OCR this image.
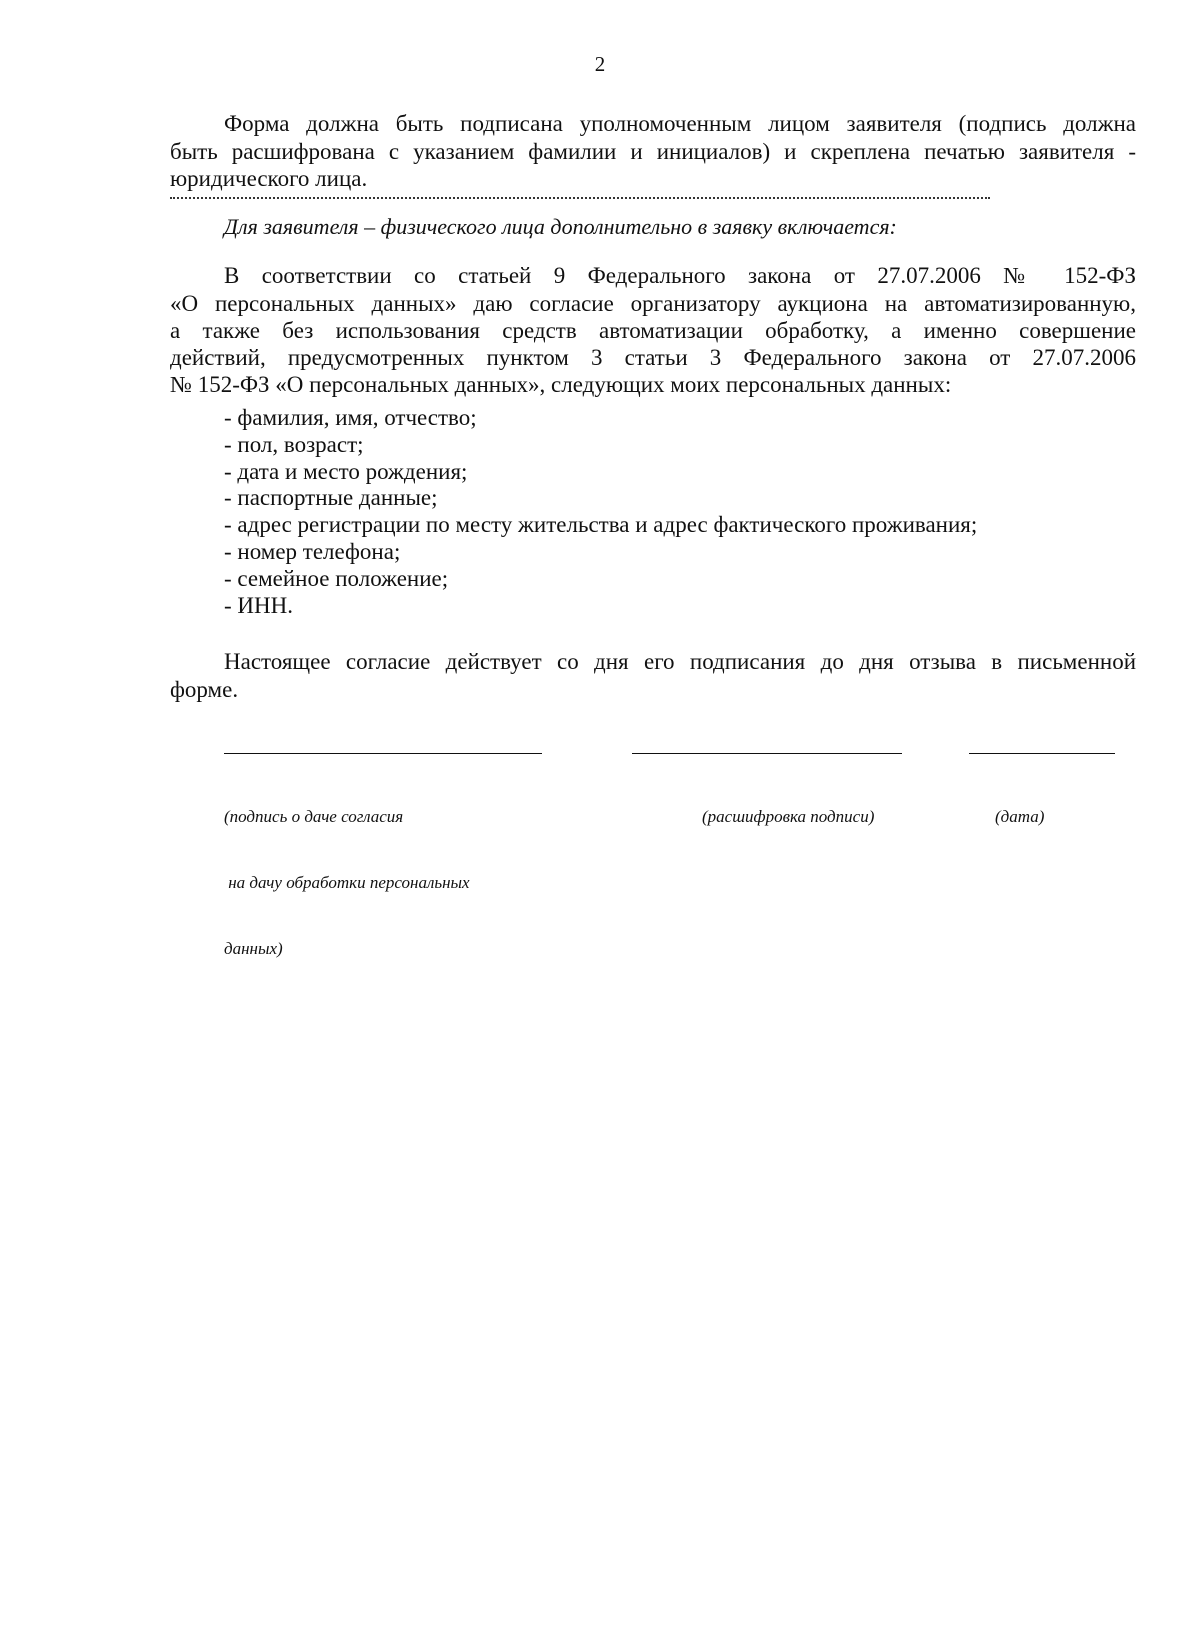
2
Форма должна быть подписана уполномоченным лицом заявителя (подпись должна
быть расшифрована с указанием фамилии и инициалов) и скреплена печатью заявителя -
юридического лица.
Для заявителя – физического лица дополнительно в заявку включается:
В соответствии со статьей 9 Федерального закона от 27.07.2006 № 152-ФЗ
«О персональных данных» даю согласие организатору аукциона на автоматизированную,
а также без использования средств автоматизации обработку, а именно совершение
действий, предусмотренных пунктом 3 статьи 3 Федерального закона от 27.07.2006
№ 152-ФЗ «О персональных данных», следующих моих персональных данных:
- фамилия, имя, отчество;
- пол, возраст;
- дата и место рождения;
- паспортные данные;
- адрес регистрации по месту жительства и адрес фактического проживания;
- номер телефона;
- семейное положение;
- ИНН.
Настоящее согласие действует со дня его подписания до дня отзыва в письменной
форме.

(подпись о даче согласия

на дачу обработки персональных

данных)

(расшифровка подписи)	(дата)
